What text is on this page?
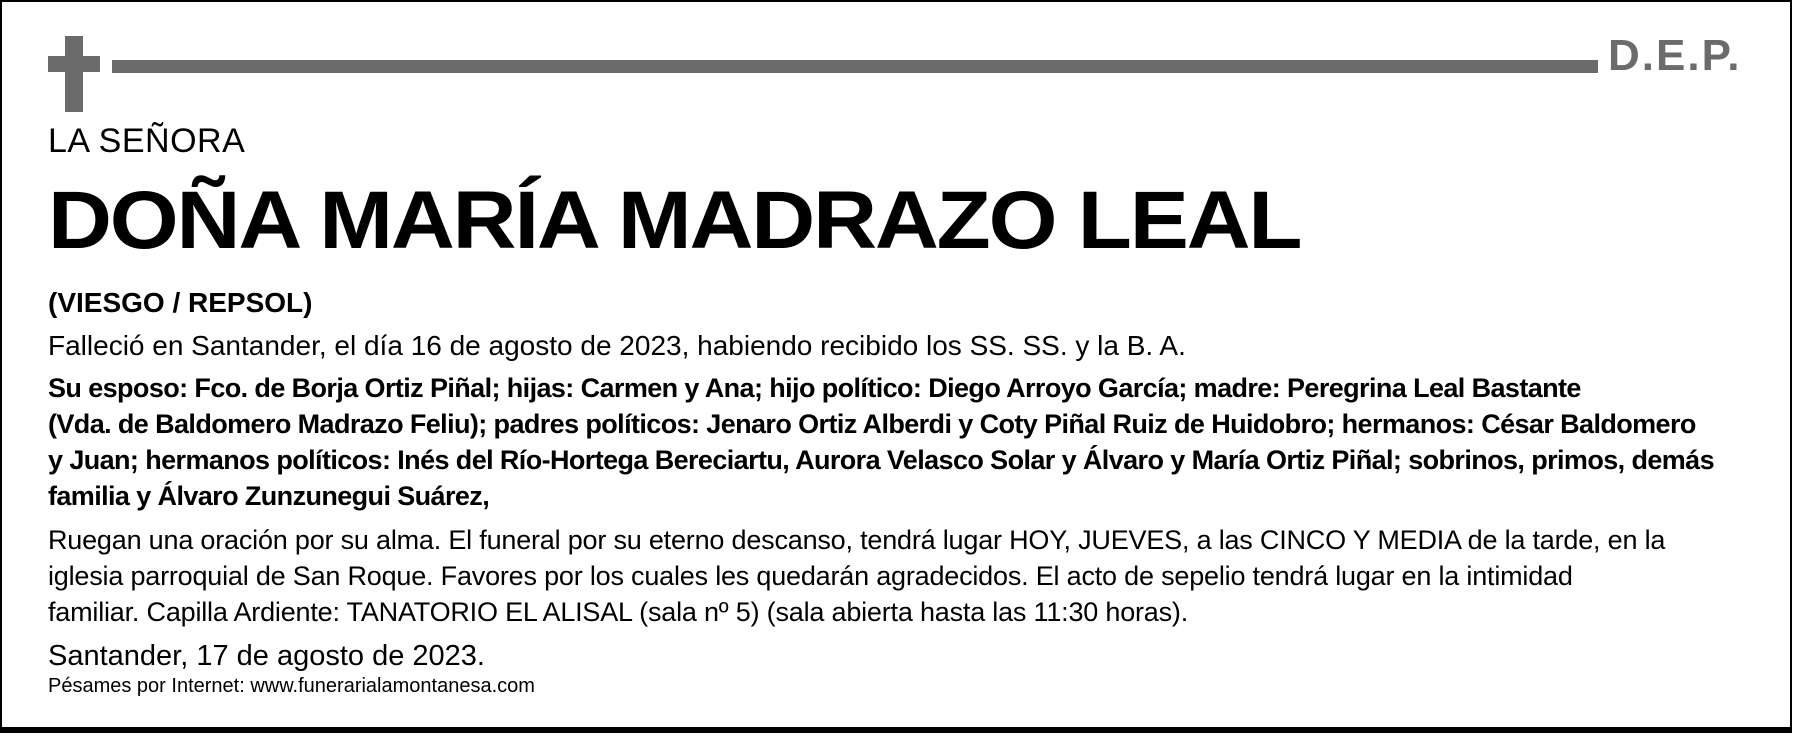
D.E.P.

LA SEÑORA

DOÑA MARÍA MADRAZO LEAL

(VIESGO / REPSOL)

Falleció en Santander, el día 16 de agosto de 2023, habiendo recibido los SS. SS. y la B. A.

Su esposo: Fco. de Borja Ortiz Piñal; hijas: Carmen y Ana; hijo político: Diego Arroyo García; madre: Peregrina Leal Bastante
(Vda. de Baldomero Madrazo Feliu); padres políticos: Jenaro Ortiz Alberdi y Coty Piñal Ruiz de Huidobro; hermanos: César Baldomero
y Juan; hermanos políticos: Inés del Río-Hortega Bereciartu, Aurora Velasco Solar y Álvaro y María Ortiz Piñal; sobrinos, primos, demás
familia y Álvaro Zunzunegui Suárez,

Ruegan una oración por su alma. El funeral por su eterno descanso, tendrá lugar HOY, JUEVES, a las CINCO Y MEDIA de la tarde, en la
iglesia parroquial de San Roque. Favores por los cuales les quedarán agradecidos. El acto de sepelio tendrá lugar en la intimidad
familiar. Capilla Ardiente: TANATORIO EL ALISAL (sala nº 5) (sala abierta hasta las 11:30 horas).

Santander, 17 de agosto de 2023.

Pésames por Internet: www.funerarialamontanesa.com
